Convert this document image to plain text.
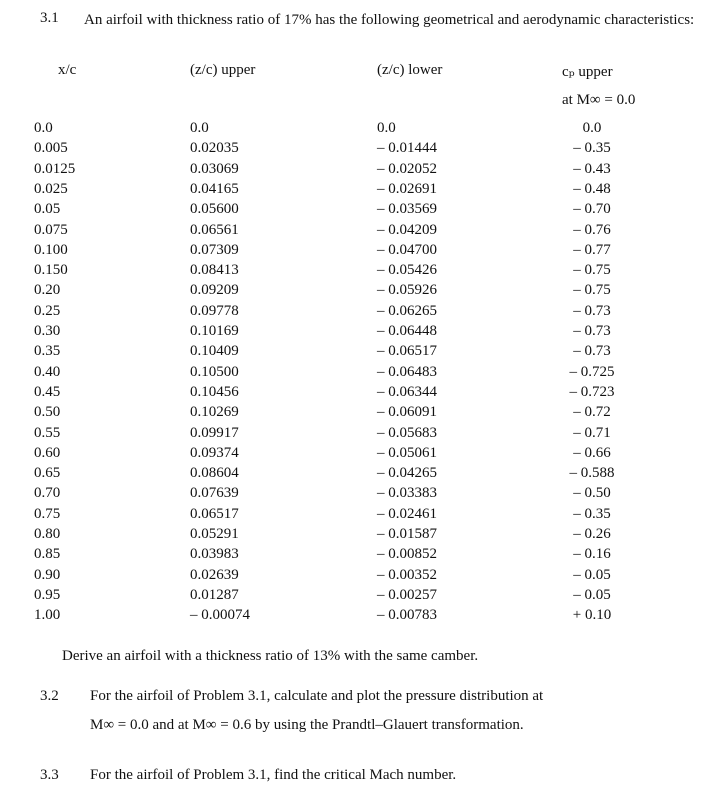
3.1 An airfoil with thickness ratio of 17% has the following geometrical and aerodynamic characteristics:
x/c	(z/c) upper	(z/c) lower	cₚ upper
at M∞ = 0.0
0.0	0.0	0.0	0.0
0.005	0.02035	– 0.01444	– 0.35
0.0125	0.03069	– 0.02052	– 0.43
0.025	0.04165	– 0.02691	– 0.48
0.05	0.05600	– 0.03569	– 0.70
0.075	0.06561	– 0.04209	– 0.76
0.100	0.07309	– 0.04700	– 0.77
0.150	0.08413	– 0.05426	– 0.75
0.20	0.09209	– 0.05926	– 0.75
0.25	0.09778	– 0.06265	– 0.73
0.30	0.10169	– 0.06448	– 0.73
0.35	0.10409	– 0.06517	– 0.73
0.40	0.10500	– 0.06483	– 0.725
0.45	0.10456	– 0.06344	– 0.723
0.50	0.10269	– 0.06091	– 0.72
0.55	0.09917	– 0.05683	– 0.71
0.60	0.09374	– 0.05061	– 0.66
0.65	0.08604	– 0.04265	– 0.588
0.70	0.07639	– 0.03383	– 0.50
0.75	0.06517	– 0.02461	– 0.35
0.80	0.05291	– 0.01587	– 0.26
0.85	0.03983	– 0.00852	– 0.16
0.90	0.02639	– 0.00352	– 0.05
0.95	0.01287	– 0.00257	– 0.05
1.00	– 0.00074	– 0.00783	+ 0.10
Derive an airfoil with a thickness ratio of 13% with the same camber.
3.2 For the airfoil of Problem 3.1, calculate and plot the pressure distribution at
M∞ = 0.0 and at M∞ = 0.6 by using the Prandtl–Glauert transformation.
3.3 For the airfoil of Problem 3.1, find the critical Mach number.
